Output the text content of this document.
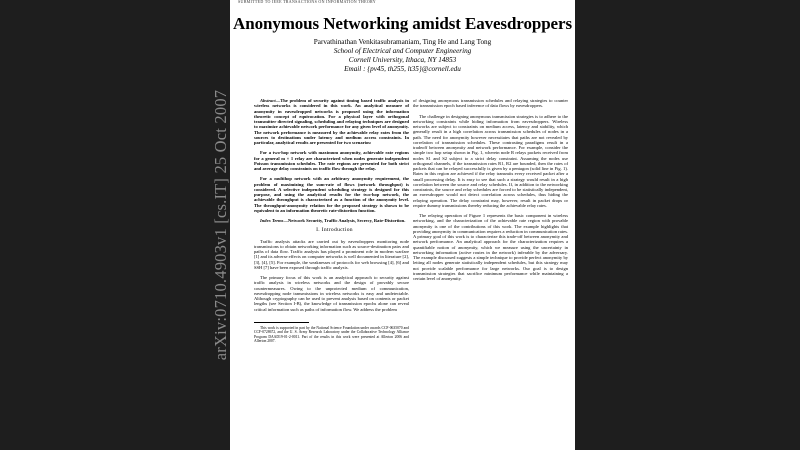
arXiv:0710.4903v1 [cs.IT] 25 Oct 2007
SUBMITTED TO IEEE TRANSACTIONS ON INFORMATION THEORY
Anonymous Networking amidst Eavesdroppers
Parvathinathan Venkitasubramaniam, Ting He and Lang Tong
School of Electrical and Computer Engineering
Cornell University, Ithaca, NY 14853
Email : {pv45, th255, lt35}@cornell.edu

Abstract—The problem of security against timing based traffic analysis in wireless networks is considered in this work. An analytical measure of anonymity in eavesdropped networks is proposed using the information theoretic concept of equivocation. For a physical layer with orthogonal transmitter directed signaling, scheduling and relaying techniques are designed to maximize achievable network performance for any given level of anonymity. The network performance is measured by the achievable relay rates from the sources to destinations under latency and medium access constraints. In particular, analytical results are presented for two scenarios:

For a two-hop network with maximum anonymity, achievable rate regions for a general m × 1 relay are characterized when nodes generate independent Poisson transmission schedules. The rate regions are presented for both strict and average delay constraints on traffic flow through the relay.

For a multihop network with an arbitrary anonymity requirement, the problem of maximizing the sum-rate of flows (network throughput) is considered. A selective independent scheduling strategy is designed for this purpose, and using the analytical results for the two-hop network, the achievable throughput is characterized as a function of the anonymity level. The throughput-anonymity relation for the proposed strategy is shown to be equivalent to an information theoretic rate-distortion function.

Index Terms—Network Security, Traffic Analysis, Secrecy, Rate-Distortion.

I. Introduction

Traffic analysis attacks are carried out by eavesdroppers monitoring node transmissions to obtain networking information such as source-destination pairs and paths of data flow. Traffic analysis has played a prominent role in modern warfare [1] and its adverse effects on computer networks is well documented in literature [2], [3], [4], [5]. For example, the weaknesses of protocols for web browsing [4], [6] and SSH [7] have been exposed through traffic analysis.

The primary focus of this work is an analytical approach to security against traffic analysis in wireless networks and the design of provably secure countermeasures. Owing to the unprotected medium of communication, eavesdropping node transmissions in wireless networks is easy and undetectable. Although cryptography can be used to prevent analysis based on contents or packet lengths (see Section I-B), the knowledge of transmission epochs alone can reveal critical information such as paths of information flow. We address the problem

This work is supported in part by the National Science Foundation under awards CCF-0635070 and CCF-0728672, and the U. S. Army Research Laboratory under the Collaborative Technology Alliance Program DAAD19-01-2-0011. Part of the results in this work were presented at Allerton 2006 and Allerton 2007.

of designing anonymous transmission schedules and relaying strategies to counter the transmission epoch based inference of data flows by eavesdroppers.

The challenge in designing anonymous transmission strategies is to adhere to the networking constraints while hiding information from eavesdroppers. Wireless networks are subject to constraints on medium access, latency and stability, which generally result in a high correlation across transmission schedules of nodes in a path. The need for anonymity however necessitates that paths are not revealed by correlation of transmission schedules. These contrasting paradigms result in a tradeoff between anonymity and network performance. For example, consider the simple two hop setup shown in Fig. 1, wherein node R relays packets received from nodes S1 and S2 subject to a strict delay constraint. Assuming the nodes use orthogonal channels, if the transmission rates R1, R2 are bounded, then the rates of packets that can be relayed successfully is given by a pentagon (solid line in Fig. 1). Rates in this region are achieved if the relay transmits every received packet after a small processing delay. It is easy to see that such a strategy would result in a high correlation between the source and relay schedules. If, in addition to the networking constraints, the source and relay schedules are forced to be statistically independent, an eavesdropper would not detect correlation across schedules, thus hiding the relaying operation. The delay constraint may, however, result in packet drops or require dummy transmissions thereby reducing the achievable relay rates.

The relaying operation of Figure 1 represents the basic component in wireless networking, and the characterization of the achievable rate region with provable anonymity is one of the contributions of this work. The example highlights that providing anonymity in communication requires a reduction in communication rates. A primary goal of this work is to characterize this trade-off between anonymity and network performance. An analytical approach for the characterization requires a quantifiable notion of anonymity, which we measure using the uncertainty in networking information (active routes in the network) inferable by the adversary. The example discussed suggests a simple technique to provide perfect anonymity by letting all nodes generate statistically independent schedules, but this strategy may not provide scalable performance for large networks. Our goal is to design transmission strategies that sacrifice minimum performance while maintaining a certain level of anonymity.
